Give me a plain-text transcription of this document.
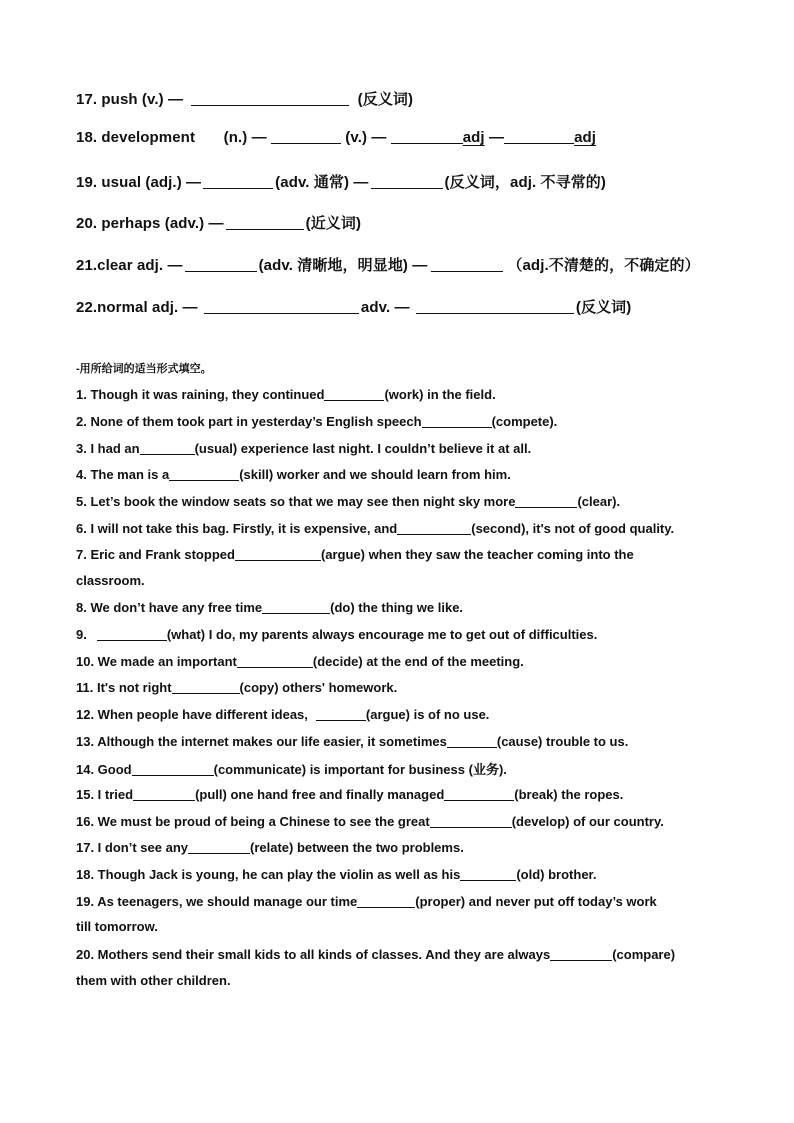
17. push (v.) —	(反义词)
18. development (n.) —	(v.) —	adj —	adj
19. usual (adj.) —	(adv. 通常) —	(反义词，adj. 不寻常的)
20. perhaps (adv.) —	(近义词)
21.clear adj. —	(adv. 清晰地，明显地) —	（adj.不清楚的，不确定的）
22.normal adj. —	adv. —	(反义词)
-用所给词的适当形式填空。
1. Though it was raining, they continued	(work) in the field.
2. None of them took part in yesterday’s English speech	(compete).
3. I had an	(usual) experience last night. I couldn’t believe it at all.
4. The man is a	(skill) worker and we should learn from him.
5. Let’s book the window seats so that we may see then night sky more	(clear).
6. I will not take this bag. Firstly, it is expensive, and	(second), it's not of good quality.
7. Eric and Frank stopped	(argue) when they saw the teacher coming into the
classroom.
8. We don’t have any free time	(do) the thing we like.
9.	(what) I do, my parents always encourage me to get out of difficulties.
10. We made an important	(decide) at the end of the meeting.
11. It's not right	(copy) others' homework.
12. When people have different ideas,	(argue) is of no use.
13. Although the internet makes our life easier, it sometimes	(cause) trouble to us.
14. Good	(communicate) is important for business (业务).
15. I tried	(pull) one hand free and finally managed	(break) the ropes.
16. We must be proud of being a Chinese to see the great	(develop) of our country.
17. I don’t see any	(relate) between the two problems.
18. Though Jack is young, he can play the violin as well as his	(old) brother.
19. As teenagers, we should manage our time	(proper) and never put off today’s work
till tomorrow.
20. Mothers send their small kids to all kinds of classes. And they are always	(compare)
them with other children.
